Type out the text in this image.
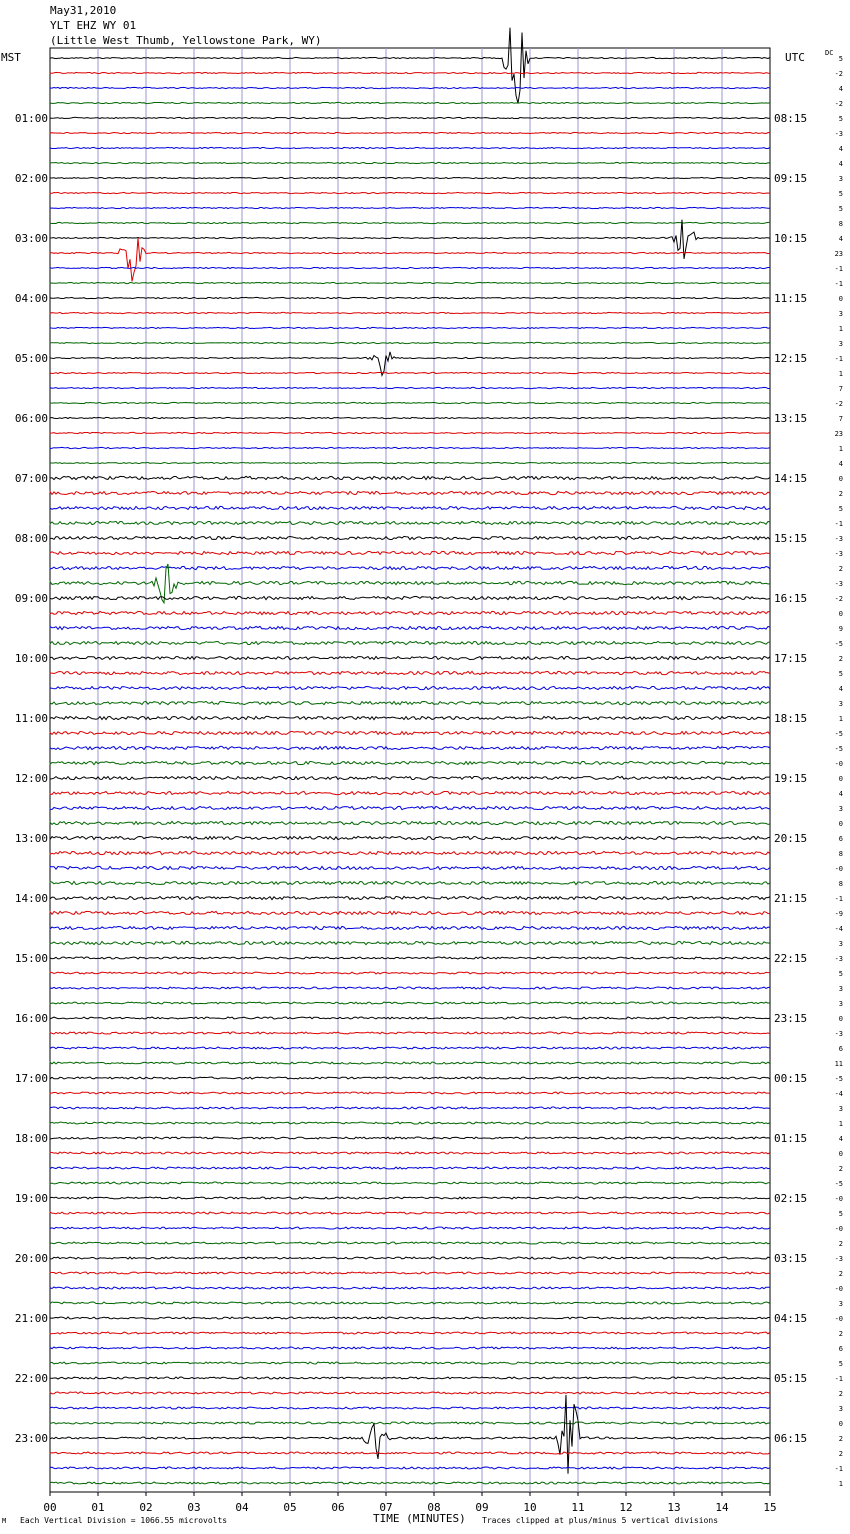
May31,2010
YLT EHZ WY 01
(Little West Thumb, Yellowstone Park, WY)
MST	UTC	DC
00	01	02	03	04	05	06	07	08	09	10	11	12	13	14	15
5
-2
4
-2
5
-3
4
4
3
5
5
8
4
23
-1
-1
0
3
1
3
-1
1
7
-2
7
23
1
4
0
2
5
-1
-3
-3
2
-3
-2
0
9
-5
2
5
4
3
1
-5
-5
-0
0
4
3
0
6
8
-0
8
-1
-9
-4
3
-3
5
3
3
0
-3
6
11
-5
-4
3
1
4
0
2
-5
-0
5
-0
2
-3
2
-0
3
-0
2
6
5
-1
2
3
0
2
2
-1
1
01:00
02:00
03:00
04:00
05:00
06:00
07:00
08:00
09:00
10:00
11:00
12:00
13:00
14:00
15:00
16:00
17:00
18:00
19:00
20:00
21:00
22:00
23:00
08:15
09:15
10:15
11:15
12:15
13:15
14:15
15:15
16:15
17:15
18:15
19:15
20:15
21:15
22:15
23:15
00:15
01:15
02:15
03:15
04:15
05:15
06:15
TIME (MINUTES)
M Each Vertical Division = 1066.55 microvolts	Traces clipped at plus/minus 5 vertical divisions
